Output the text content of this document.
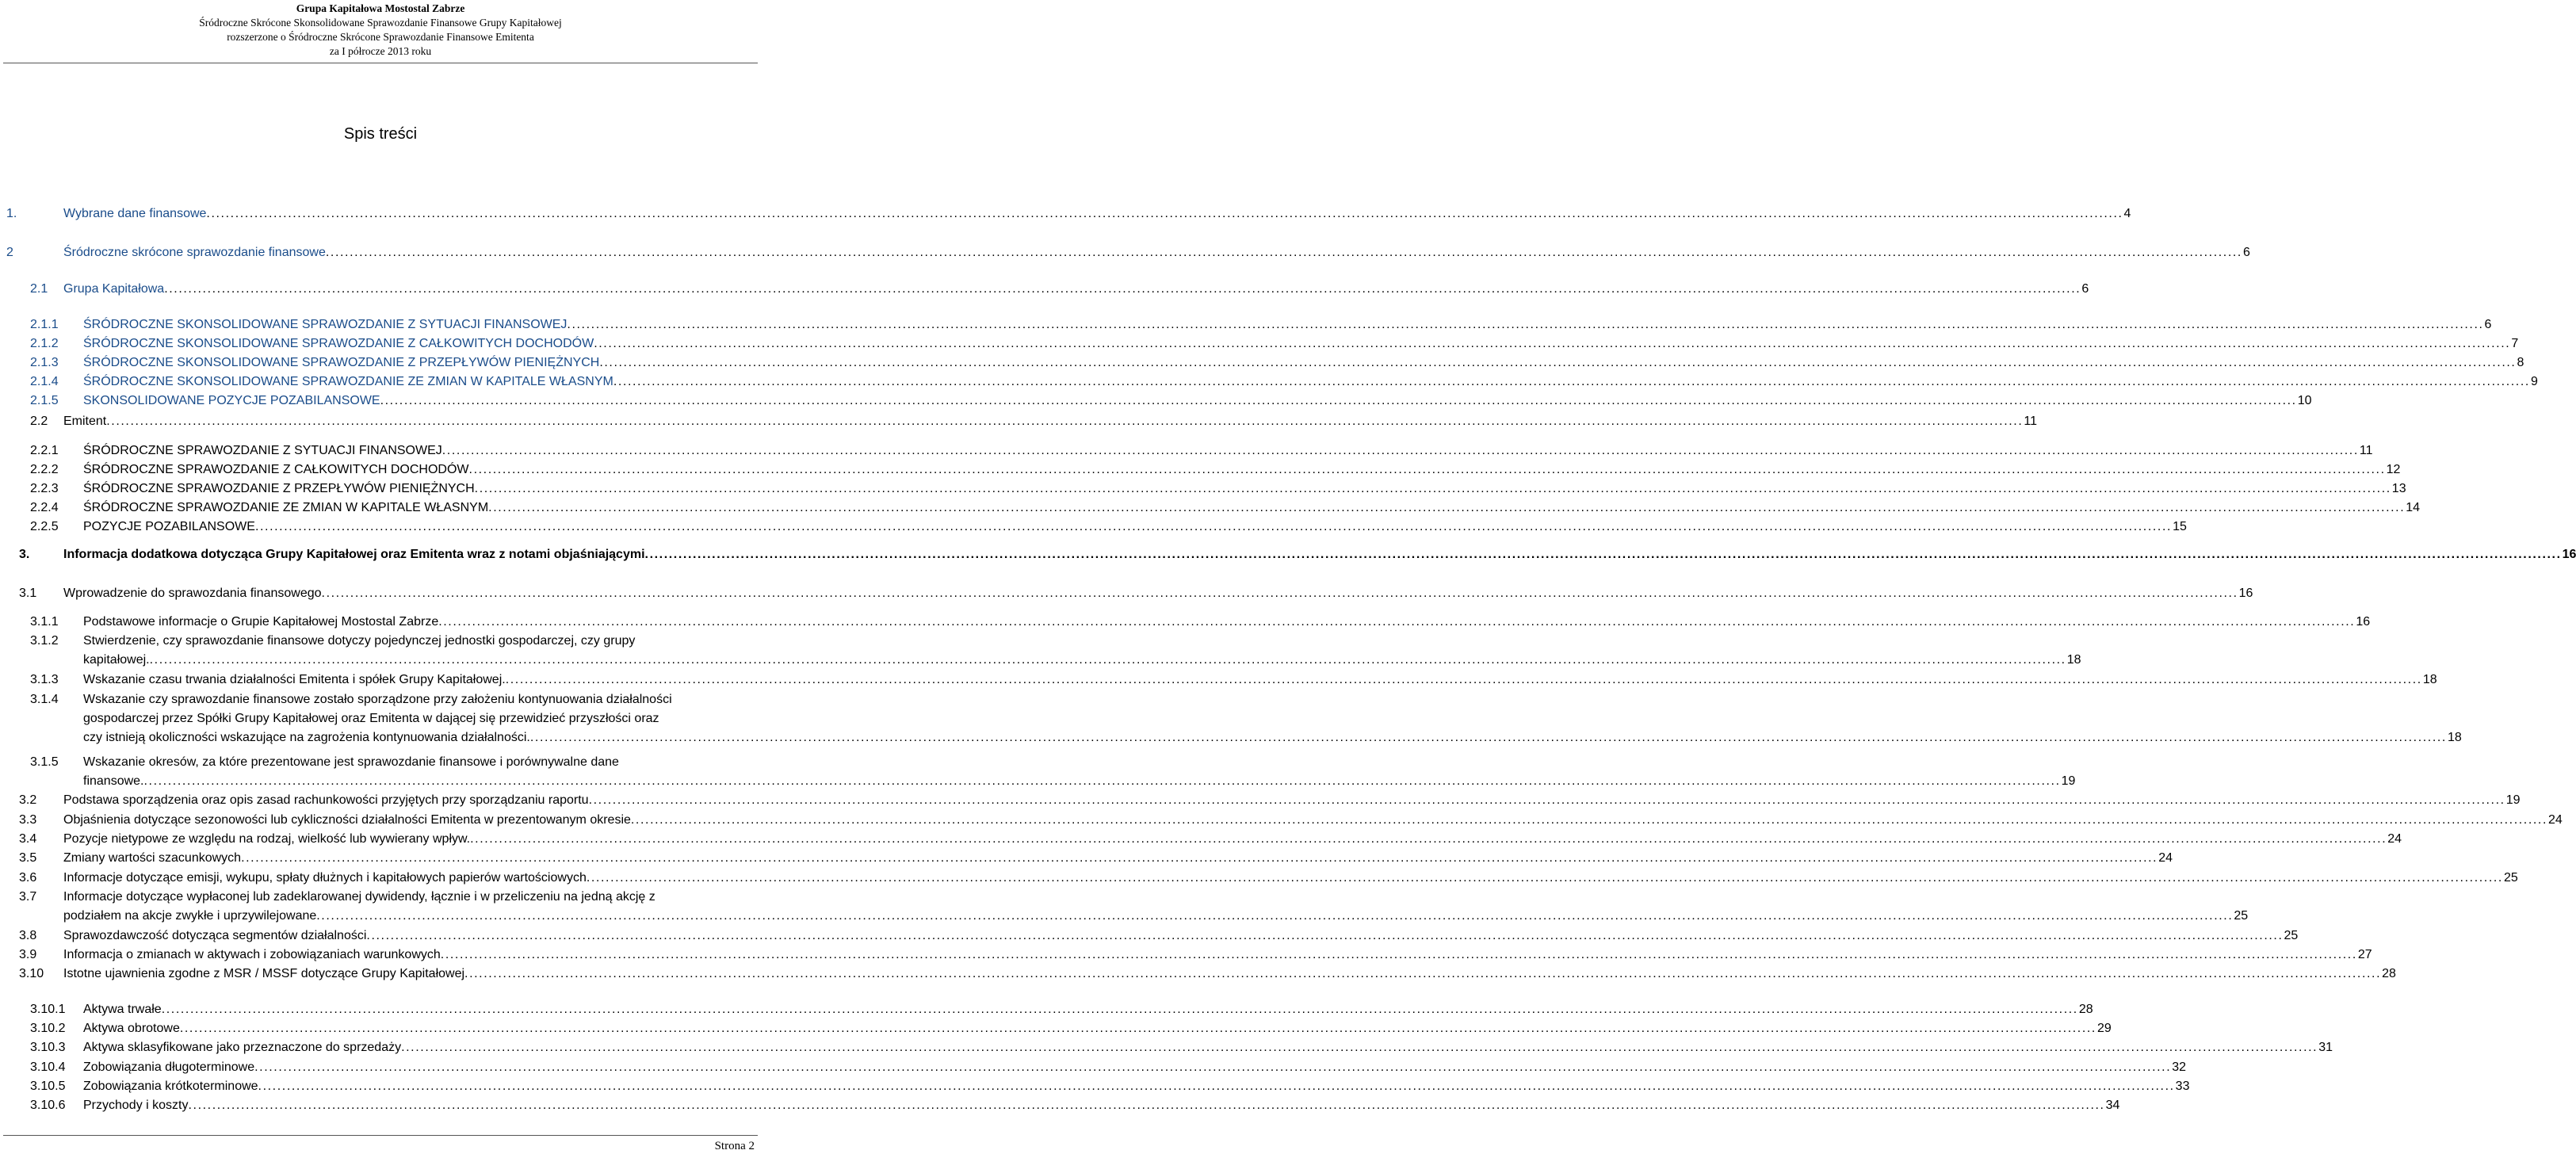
Grupa Kapitałowa Mostostal Zabrze
Śródroczne Skrócone Skonsolidowane Sprawozdanie Finansowe Grupy Kapitałowej
rozszerzone o Śródroczne Skrócone Sprawozdanie Finansowe Emitenta
za I półrocze 2013 roku
Spis treści
1.	Wybrane dane finansowe ................................................................................................................................................................................................................................................................................................................................................................................................................ 4
2	Śródroczne skrócone sprawozdanie finansowe ................................................................................................................................................................................................................................................................................................................................................................................................................ 6
2.1 Grupa Kapitałowa ................................................................................................................................................................................................................................................................................................................................................................................................................ 6
2.1.1 ŚRÓDROCZNE SKONSOLIDOWANE SPRAWOZDANIE Z SYTUACJI FINANSOWEJ ................................................................................................................................................................................................................................................................................................................................................................................................................ 6
2.1.2 ŚRÓDROCZNE SKONSOLIDOWANE SPRAWOZDANIE Z CAŁKOWITYCH DOCHODÓW ................................................................................................................................................................................................................................................................................................................................................................................................................ 7
2.1.3 ŚRÓDROCZNE SKONSOLIDOWANE SPRAWOZDANIE Z PRZEPŁYWÓW PIENIĘŻNYCH ................................................................................................................................................................................................................................................................................................................................................................................................................ 8
2.1.4 ŚRÓDROCZNE SKONSOLIDOWANE SPRAWOZDANIE ZE ZMIAN W KAPITALE WŁASNYM ................................................................................................................................................................................................................................................................................................................................................................................................................ 9
2.1.5 SKONSOLIDOWANE POZYCJE POZABILANSOWE ................................................................................................................................................................................................................................................................................................................................................................................................................ 10
2.2 Emitent ................................................................................................................................................................................................................................................................................................................................................................................................................ 11
2.2.1 ŚRÓDROCZNE SPRAWOZDANIE Z SYTUACJI FINANSOWEJ ................................................................................................................................................................................................................................................................................................................................................................................................................ 11
2.2.2 ŚRÓDROCZNE SPRAWOZDANIE Z CAŁKOWITYCH DOCHODÓW ................................................................................................................................................................................................................................................................................................................................................................................................................ 12
2.2.3 ŚRÓDROCZNE SPRAWOZDANIE Z PRZEPŁYWÓW PIENIĘŻNYCH ................................................................................................................................................................................................................................................................................................................................................................................................................ 13
2.2.4 ŚRÓDROCZNE SPRAWOZDANIE ZE ZMIAN W KAPITALE WŁASNYM ................................................................................................................................................................................................................................................................................................................................................................................................................ 14
2.2.5 POZYCJE POZABILANSOWE ................................................................................................................................................................................................................................................................................................................................................................................................................ 15
3.	Informacja dodatkowa dotycząca Grupy Kapitałowej oraz Emitenta wraz z notami objaśniającymi ................................................................................................................................................................................................................................................................................................................................................................................................................ 16
3.1 Wprowadzenie do sprawozdania finansowego ................................................................................................................................................................................................................................................................................................................................................................................................................ 16
3.1.1 Podstawowe informacje o Grupie Kapitałowej Mostostal Zabrze ................................................................................................................................................................................................................................................................................................................................................................................................................ 16
3.1.2 Stwierdzenie, czy sprawozdanie finansowe dotyczy pojedynczej jednostki gospodarczej, czy grupy
kapitałowej. ................................................................................................................................................................................................................................................................................................................................................................................................................ 18
3.1.3 Wskazanie czasu trwania działalności Emitenta i spółek Grupy Kapitałowej. ................................................................................................................................................................................................................................................................................................................................................................................................................ 18
3.1.4 Wskazanie czy sprawozdanie finansowe zostało sporządzone przy założeniu kontynuowania działalności
gospodarczej przez Spółki Grupy Kapitałowej oraz Emitenta w dającej się przewidzieć przyszłości oraz
czy istnieją okoliczności wskazujące na zagrożenia kontynuowania działalności. ................................................................................................................................................................................................................................................................................................................................................................................................................ 18
3.1.5 Wskazanie okresów, za które prezentowane jest sprawozdanie finansowe i porównywalne dane
finansowe. ................................................................................................................................................................................................................................................................................................................................................................................................................ 19
3.2 Podstawa sporządzenia oraz opis zasad rachunkowości przyjętych przy sporządzaniu raportu ................................................................................................................................................................................................................................................................................................................................................................................................................ 19
3.3 Objaśnienia dotyczące sezonowości lub cykliczności działalności Emitenta w prezentowanym okresie ................................................................................................................................................................................................................................................................................................................................................................................................................ 24
3.4 Pozycje nietypowe ze względu na rodzaj, wielkość lub wywierany wpływ. ................................................................................................................................................................................................................................................................................................................................................................................................................ 24
3.5 Zmiany wartości szacunkowych ................................................................................................................................................................................................................................................................................................................................................................................................................ 24
3.6 Informacje dotyczące emisji, wykupu, spłaty dłużnych i kapitałowych papierów wartościowych ................................................................................................................................................................................................................................................................................................................................................................................................................ 25
3.7 Informacje dotyczące wypłaconej lub zadeklarowanej dywidendy, łącznie i w przeliczeniu na jedną akcję z
podziałem na akcje zwykłe i uprzywilejowane ................................................................................................................................................................................................................................................................................................................................................................................................................ 25
3.8 Sprawozdawczość dotycząca segmentów działalności ................................................................................................................................................................................................................................................................................................................................................................................................................ 25
3.9 Informacja o zmianach w aktywach i zobowiązaniach warunkowych ................................................................................................................................................................................................................................................................................................................................................................................................................ 27
3.10 Istotne ujawnienia zgodne z MSR / MSSF dotyczące Grupy Kapitałowej ................................................................................................................................................................................................................................................................................................................................................................................................................ 28
3.10.1 Aktywa trwałe ................................................................................................................................................................................................................................................................................................................................................................................................................ 28
3.10.2 Aktywa obrotowe ................................................................................................................................................................................................................................................................................................................................................................................................................ 29
3.10.3 Aktywa sklasyfikowane jako przeznaczone do sprzedaży ................................................................................................................................................................................................................................................................................................................................................................................................................ 31
3.10.4 Zobowiązania długoterminowe ................................................................................................................................................................................................................................................................................................................................................................................................................ 32
3.10.5 Zobowiązania krótkoterminowe ................................................................................................................................................................................................................................................................................................................................................................................................................ 33
3.10.6 Przychody i koszty ................................................................................................................................................................................................................................................................................................................................................................................................................ 34
Strona 2
